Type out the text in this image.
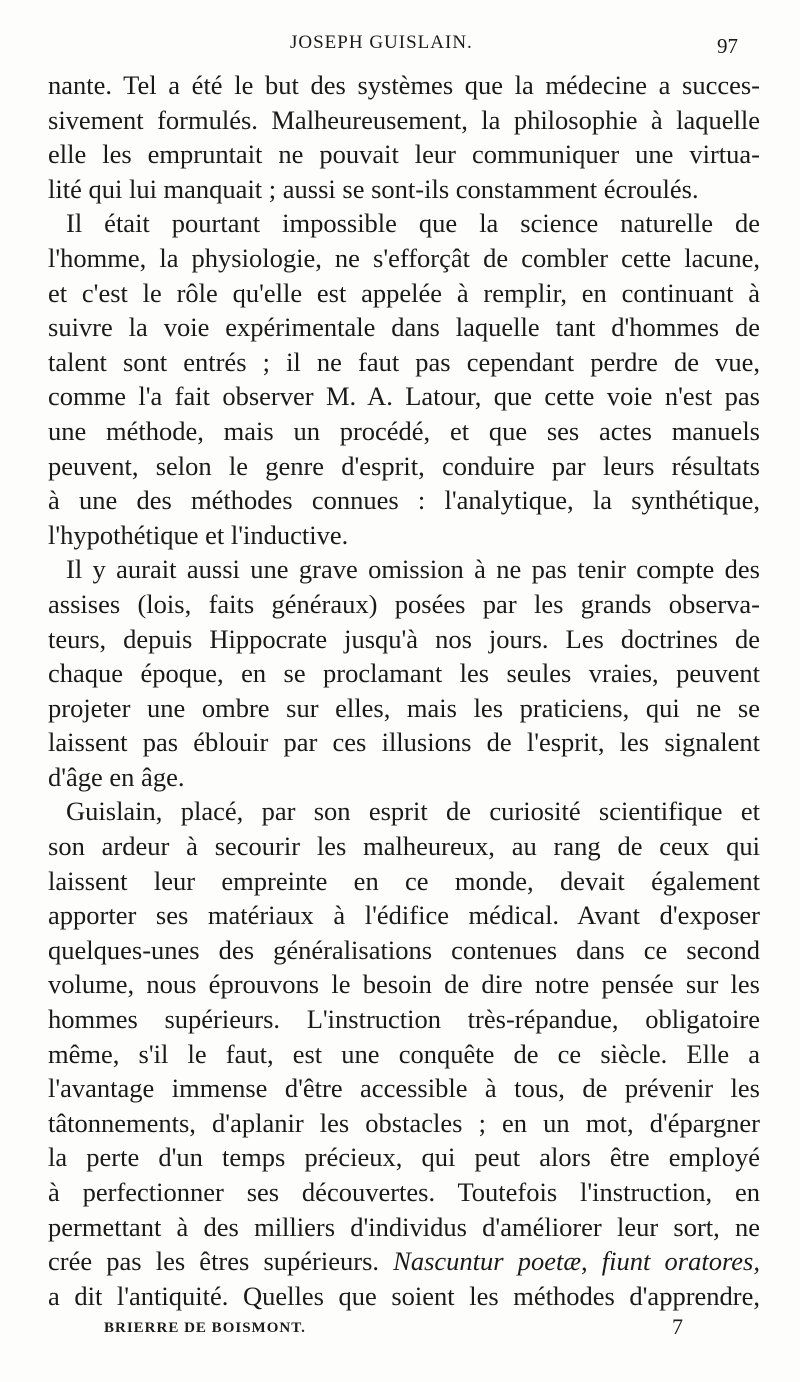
JOSEPH GUISLAIN.	97
nante. Tel a été le but des systèmes que la médecine a succes-
sivement formulés. Malheureusement, la philosophie à laquelle
elle les empruntait ne pouvait leur communiquer une virtua-
lité qui lui manquait ; aussi se sont-ils constamment écroulés.
Il était pourtant impossible que la science naturelle de
l'homme, la physiologie, ne s'efforçât de combler cette lacune,
et c'est le rôle qu'elle est appelée à remplir, en continuant à
suivre la voie expérimentale dans laquelle tant d'hommes de
talent sont entrés ; il ne faut pas cependant perdre de vue,
comme l'a fait observer M. A. Latour, que cette voie n'est pas
une méthode, mais un procédé, et que ses actes manuels
peuvent, selon le genre d'esprit, conduire par leurs résultats
à une des méthodes connues : l'analytique, la synthétique,
l'hypothétique et l'inductive.
Il y aurait aussi une grave omission à ne pas tenir compte des
assises (lois, faits généraux) posées par les grands observa-
teurs, depuis Hippocrate jusqu'à nos jours. Les doctrines de
chaque époque, en se proclamant les seules vraies, peuvent
projeter une ombre sur elles, mais les praticiens, qui ne se
laissent pas éblouir par ces illusions de l'esprit, les signalent
d'âge en âge.
Guislain, placé, par son esprit de curiosité scientifique et
son ardeur à secourir les malheureux, au rang de ceux qui
laissent leur empreinte en ce monde, devait également
apporter ses matériaux à l'édifice médical. Avant d'exposer
quelques-unes des généralisations contenues dans ce second
volume, nous éprouvons le besoin de dire notre pensée sur les
hommes supérieurs. L'instruction très-répandue, obligatoire
même, s'il le faut, est une conquête de ce siècle. Elle a
l'avantage immense d'être accessible à tous, de prévenir les
tâtonnements, d'aplanir les obstacles ; en un mot, d'épargner
la perte d'un temps précieux, qui peut alors être employé
à perfectionner ses découvertes. Toutefois l'instruction, en
permettant à des milliers d'individus d'améliorer leur sort, ne
crée pas les êtres supérieurs. Nascuntur poetæ, fiunt oratores,
a dit l'antiquité. Quelles que soient les méthodes d'apprendre,
BRIERRE DE BOISMONT.	7
